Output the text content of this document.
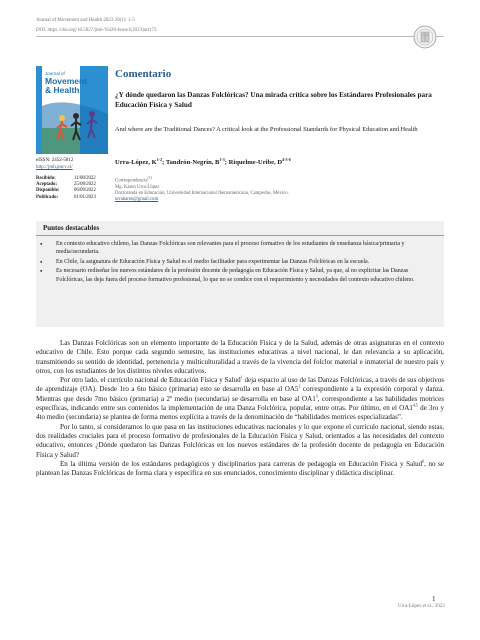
Journal of Movement and Health 2023 20(1): 1-3
DOI: https://doi.org/10.5027/jmh-Vol20-Issue1(2023)art173
Journal of
Movement
& Health
Comentario
¿Y dónde quedaron las Danzas Folclóricas? Una mirada crítica sobre los Estándares Profesionales para Educación Física y Salud
And where are the Traditional Dances? A critical look at the Professional Standards for Physical Education and Health
Urra-López, $K^{1-2}$; Tandrón-Negrín, $B^{1-3}$; Riquelme-Uribe, $D^{4-5-6}$
eISSN: 2452-5812
http://jmh.pucv.cl/
Recibido:	11/08/2022
Aceptado:	25/08/2022
Disponible:	06/09/2022
Publicado:	01/01/2023
Correspondencia$^{(1)}$
Mg. Karen Urra-López
Doctoranda en Educación, Universidad Internacional Iberoamericana, Campeche, México.
urrakaren@gmail.com
Puntos destacables
● En contexto educativo chileno, las Danzas Folclóricas son relevantes para el proceso formativo de los estudiantes de enseñanza básica/primaria y media/secundaria.
● En Chile, la asignatura de Educación Física y Salud es el medio facilitador para experimentar las Danzas Folclóricas en la escuela.
● Es necesario rediseñar los nuevos estándares de la profesión docente de pedagogía en Educación Física y Salud, ya que, al no explicitar las Danzas Folclóricas, las deja fuera del proceso formativo profesional, lo que no se condice con el requerimiento y necesidades del contexto educativo chileno.

Las Danzas Folclóricas son un elemento importante de la Educación Física y de la Salud, además de otras asignaturas en el contexto educativo de Chile. Esto porque cada segundo semestre, las instituciones educativas a nivel nacional, le dan relevancia a su aplicación, transmitiendo su sentido de identidad, pertenencia y multiculturalidad a través de la vivencia del folclor material e inmaterial de nuestro país y otros, con los estudiantes de los distintos niveles educativos.

Por otro lado, el currículo nacional de Educación Física y Salud$^1$ deja espacio al uso de las Danzas Folclóricas, a través de sus objetivos de aprendizaje (OA). Desde 1ro a 6to básico (primaria) esto se desarrolla en base al $OA5^2$ correspondiente a la expresión corporal y danza. Mientras que desde 7mo básico (primaria) a 2º medio (secundaria) se desarrolla en base al $OA1^3$, correspondiente a las habilidades motrices específicas, indicando entre sus contenidos la implementación de una Danza Folclórica, popular, entre otras. Por último, en el OA1$^{4,5}$ de 3ro y 4to medio (secundaria) se plantea de forma menos explícita a través de la denominación de “habilidades motrices especializadas”.

Por lo tanto, si consideramos lo que pasa en las instituciones educativas nacionales y lo que expone el currículo nacional, siendo estas, dos realidades cruciales para el proceso formativo de profesionales de la Educación Física y Salud, orientados a las necesidades del contexto educativo, entonces ¿Dónde quedaron las Danzas Folclóricas en los nuevos estándares de la profesión docente de pedagogía en Educación Física y Salud?

En la última versión de los estándares pedagógicos y disciplinarios para carreras de pedagogía en Educación Física y Salud$^6$, no se plantean las Danzas Folclóricas de forma clara y específica en sus enunciados, conocimiento disciplinar y didáctica disciplinar.

1
Urra-López et al., 2023
